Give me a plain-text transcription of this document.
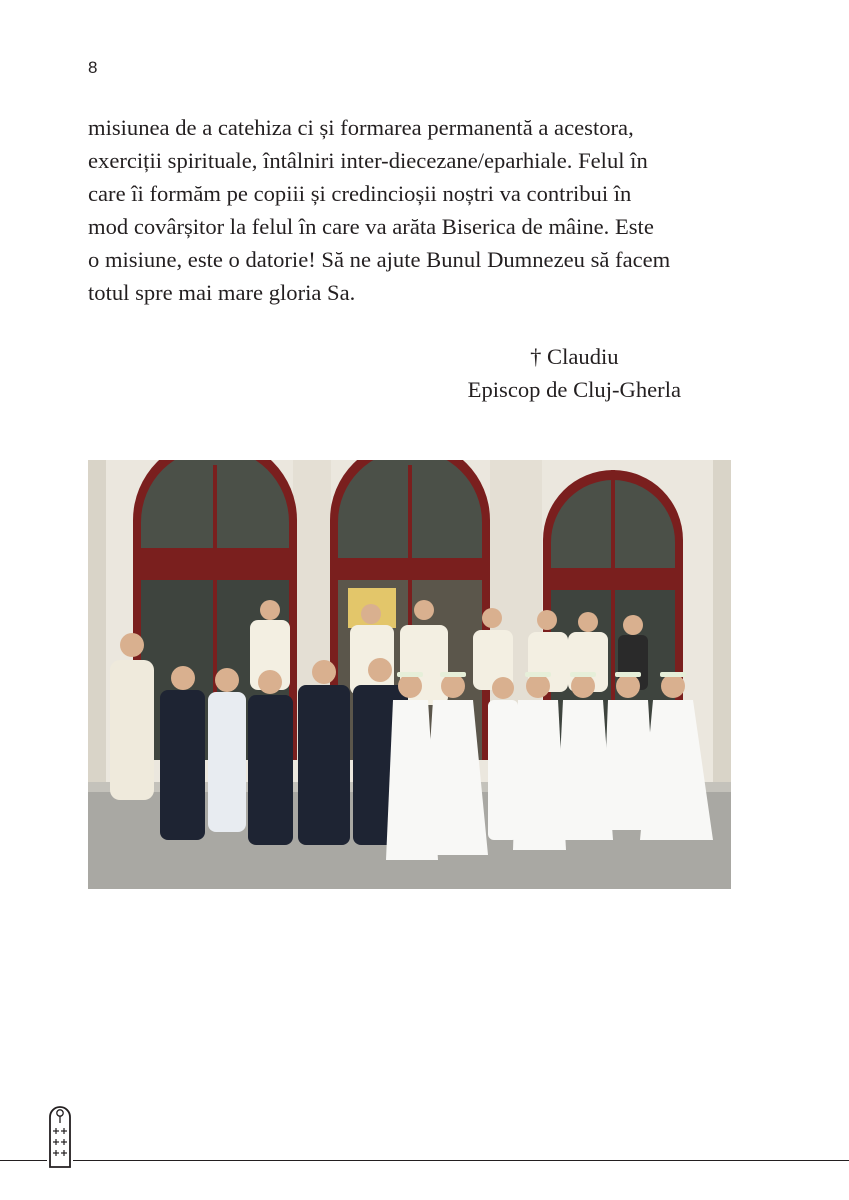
8

misiunea de a catehiza ci și formarea permanentă a acestora,
exerciții spirituale, întâlniri inter-diecezane/eparhiale. Felul în
care îi formăm pe copiii și credincioșii noștri va contribui în
mod covârșitor la felul în care va arăta Biserica de mâine. Este
o misiune, este o datorie! Să ne ajute Bunul Dumnezeu să facem
totul spre mai mare gloria Sa.

† Claudiu
Episcop de Cluj-Gherla
